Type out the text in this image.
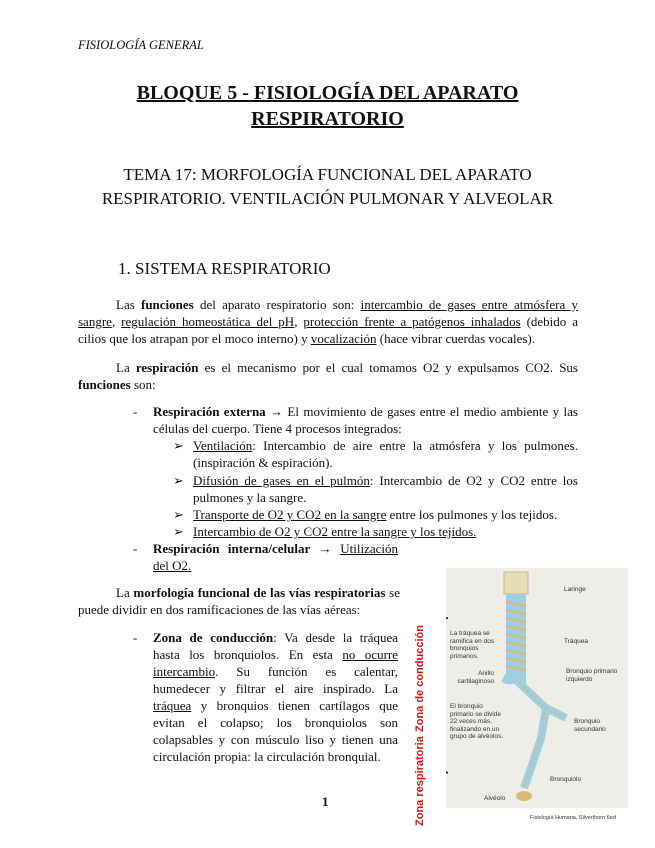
FISIOLOGÍA GENERAL
BLOQUE 5 - FISIOLOGÍA DEL APARATO RESPIRATORIO
TEMA 17: MORFOLOGÍA FUNCIONAL DEL APARATO RESPIRATORIO. VENTILACIÓN PULMONAR Y ALVEOLAR
1. SISTEMA RESPIRATORIO
Las funciones del aparato respiratorio son: intercambio de gases entre atmósfera y sangre, regulación homeostática del pH, protección frente a patógenos inhalados (debido a cilios que los atrapan por el moco interno) y vocalización (hace vibrar cuerdas vocales).
La respiración es el mecanismo por el cual tomamos O2 y expulsamos CO2. Sus funciones son:
- Respiración externa → El movimiento de gases entre el medio ambiente y las células del cuerpo. Tiene 4 procesos integrados:
➢ Ventilación: Intercambio de aire entre la atmósfera y los pulmones. (inspiración & espiración).
➢ Difusión de gases en el pulmón: Intercambio de O2 y CO2 entre los pulmones y la sangre.
➢ Transporte de O2 y CO2 en la sangre entre los pulmones y los tejidos.
➢ Intercambio de O2 y CO2 entre la sangre y los tejidos.
- Respiración interna/celular → Utilización del O2.
La morfología funcional de las vías respiratorias se puede dividir en dos ramificaciones de las vías aéreas:
- Zona de conducción: Va desde la tráquea hasta los bronquiolos. En esta no ocurre intercambio. Su función es calentar, humedecer y filtrar el aire inspirado. La tráquea y bronquios tienen cartílagos que evitan el colapso; los bronquiolos son colapsables y con músculo liso y tienen una circulación propia: la circulación bronquial.
Zona de conducción
Zona respiratoria
Laringe
Tráquea
La tráquea se ramifica en dos bronquios primarios.
Anillo cartilaginoso
Bronquio primario izquierdo
El bronquio primario se divide 22 veces más, finalizando en un grupo de alvéolos.
Bronquio secundario
Bronquiolo
Alvéolo
Fisiología Humana, Silverthorn 6ed
1
